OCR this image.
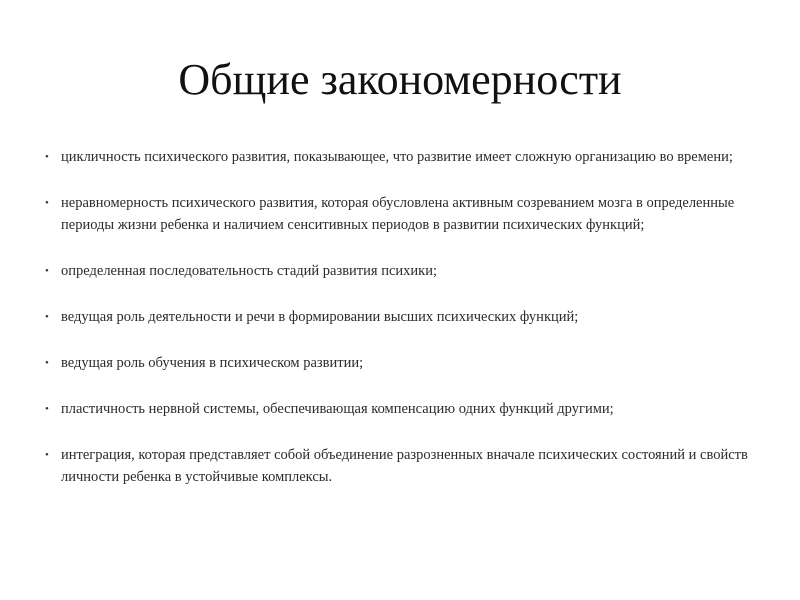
Общие закономерности
• цикличность психического развития, показывающее, что развитие имеет сложную организацию во времени;
• неравномерность психического развития, которая обусловлена активным созреванием мозга в определенные периоды жизни ребенка и наличием сенситивных периодов в развитии психических функций;
• определенная последовательность стадий развития психики;
• ведущая роль деятельности и речи в формировании высших психических функций;
• ведущая роль обучения в психическом развитии;
• пластичность нервной системы, обеспечивающая компенсацию одних функций другими;
• интеграция, которая представляет собой объединение разрозненных вначале психических состояний и свойств личности ребенка в устойчивые комплексы.
